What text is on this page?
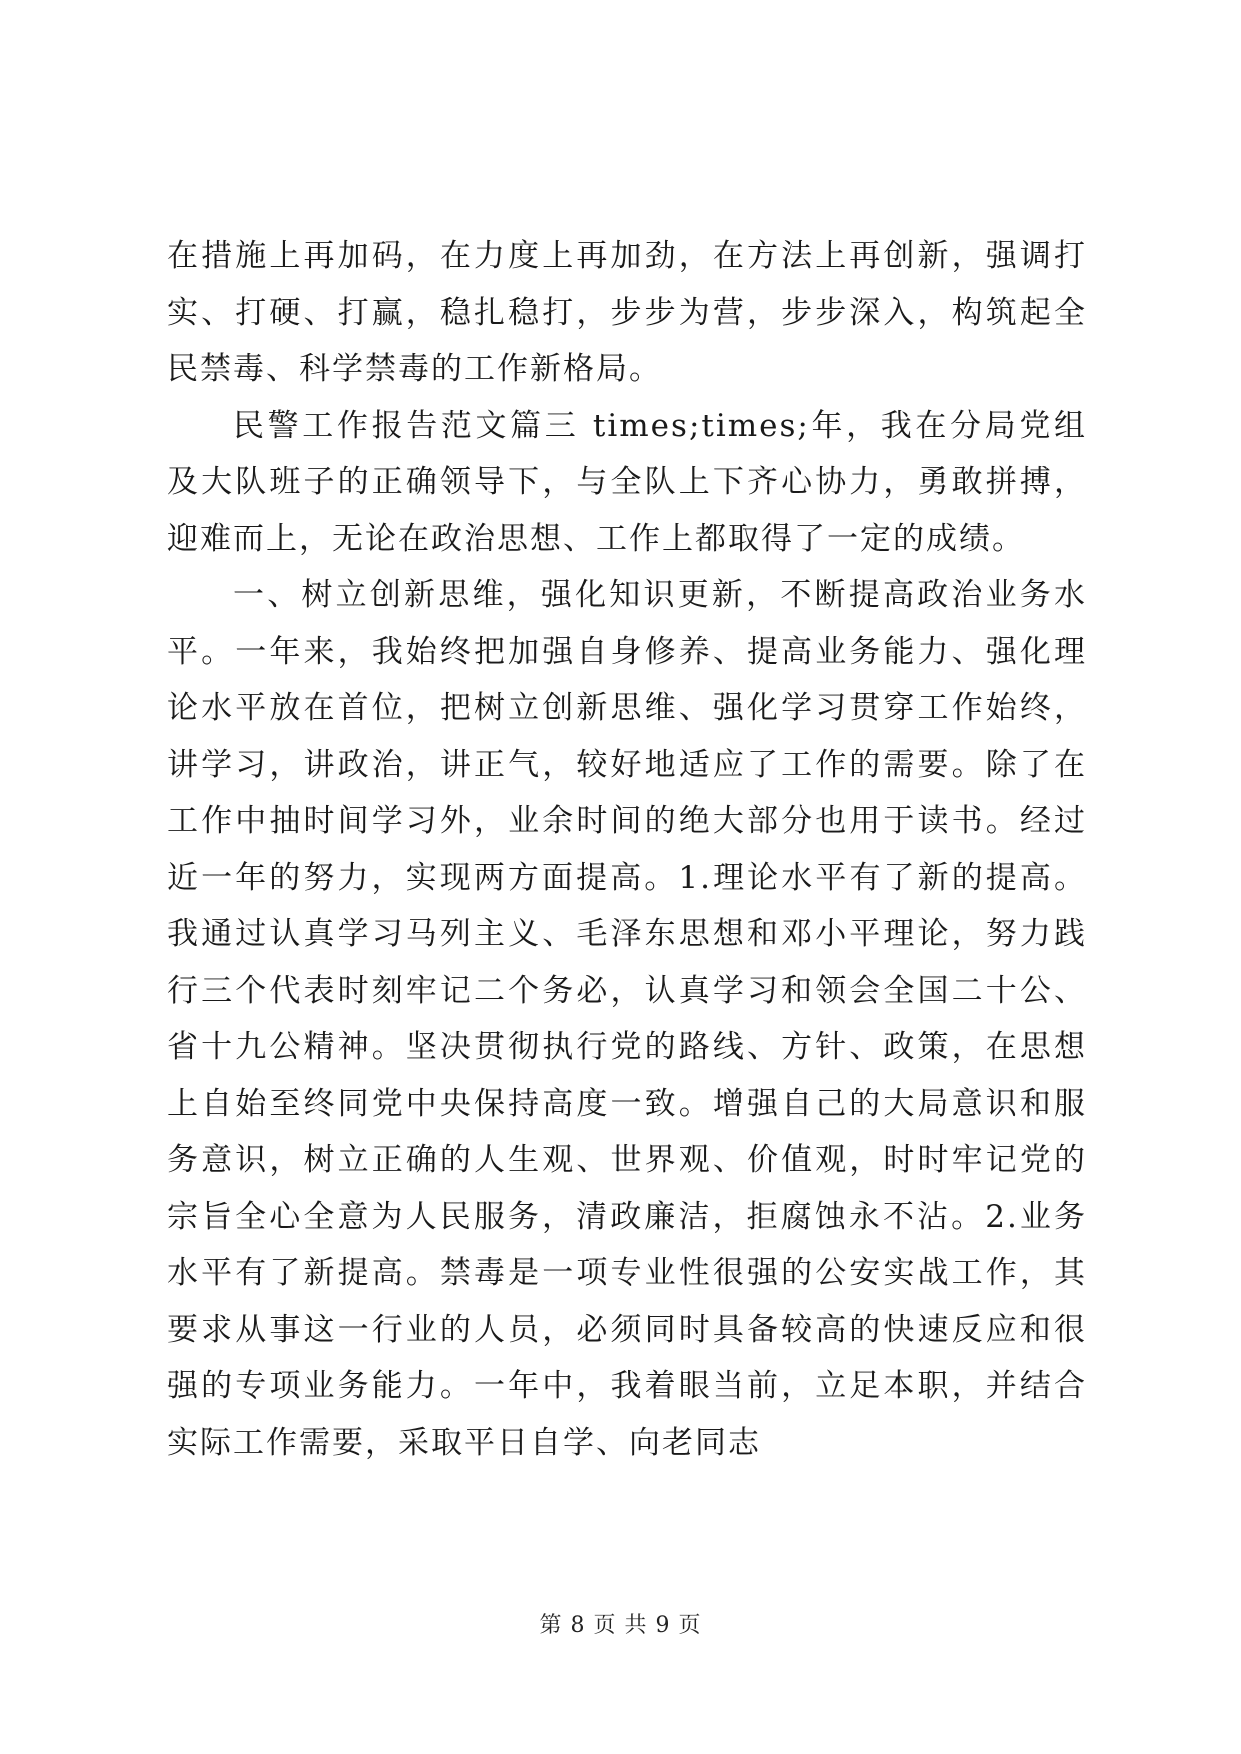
在措施上再加码，在力度上再加劲，在方法上再创新，强调打实、打硬、打赢，稳扎稳打，步步为营，步步深入，构筑起全民禁毒、科学禁毒的工作新格局。

民警工作报告范文篇三 times;times;年，我在分局党组及大队班子的正确领导下，与全队上下齐心协力，勇敢拼搏，迎难而上，无论在政治思想、工作上都取得了一定的成绩。

一、树立创新思维，强化知识更新，不断提高政治业务水平。一年来，我始终把加强自身修养、提高业务能力、强化理论水平放在首位，把树立创新思维、强化学习贯穿工作始终，讲学习，讲政治，讲正气，较好地适应了工作的需要。除了在工作中抽时间学习外，业余时间的绝大部分也用于读书。经过近一年的努力，实现两方面提高。1.理论水平有了新的提高。我通过认真学习马列主义、毛泽东思想和邓小平理论，努力践行三个代表时刻牢记二个务必，认真学习和领会全国二十公、省十九公精神。坚决贯彻执行党的路线、方针、政策，在思想上自始至终同党中央保持高度一致。增强自己的大局意识和服务意识，树立正确的人生观、世界观、价值观，时时牢记党的宗旨全心全意为人民服务，清政廉洁，拒腐蚀永不沾。2.业务水平有了新提高。禁毒是一项专业性很强的公安实战工作，其要求从事这一行业的人员，必须同时具备较高的快速反应和很强的专项业务能力。一年中，我着眼当前，立足本职，并结合实际工作需要，采取平日自学、向老同志

第 8 页 共 9 页
